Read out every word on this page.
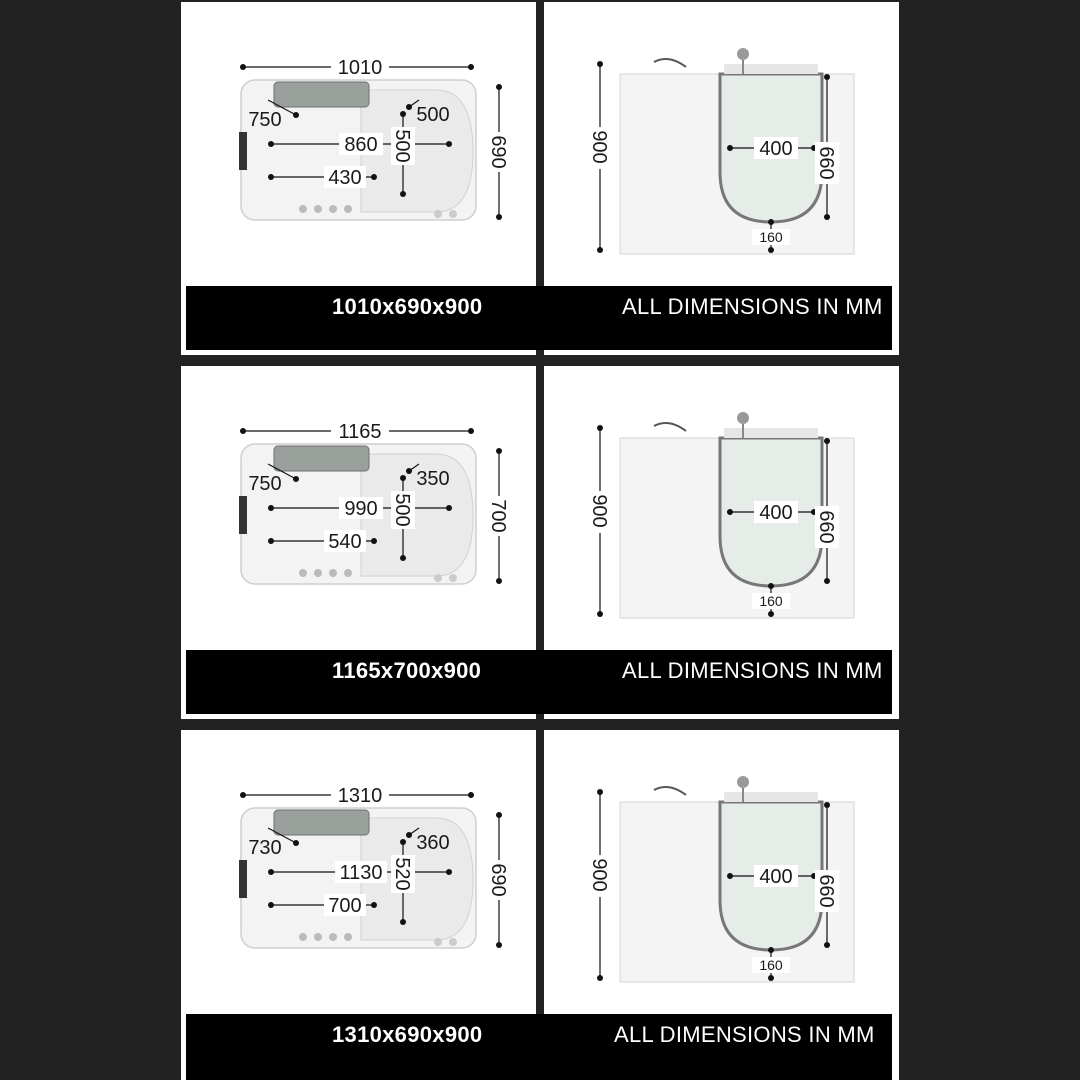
1010
690
750	500
860 500
430
900	400 660
160
1010x690x900	ALL DIMENSIONS IN MM
1165
700
750	350
990 500
540
900	400 660
160
1165x700x900	ALL DIMENSIONS IN MM
1310
690
730	360
1130 520
700
900	400 660
160
1310x690x900	ALL DIMENSIONS IN MM
